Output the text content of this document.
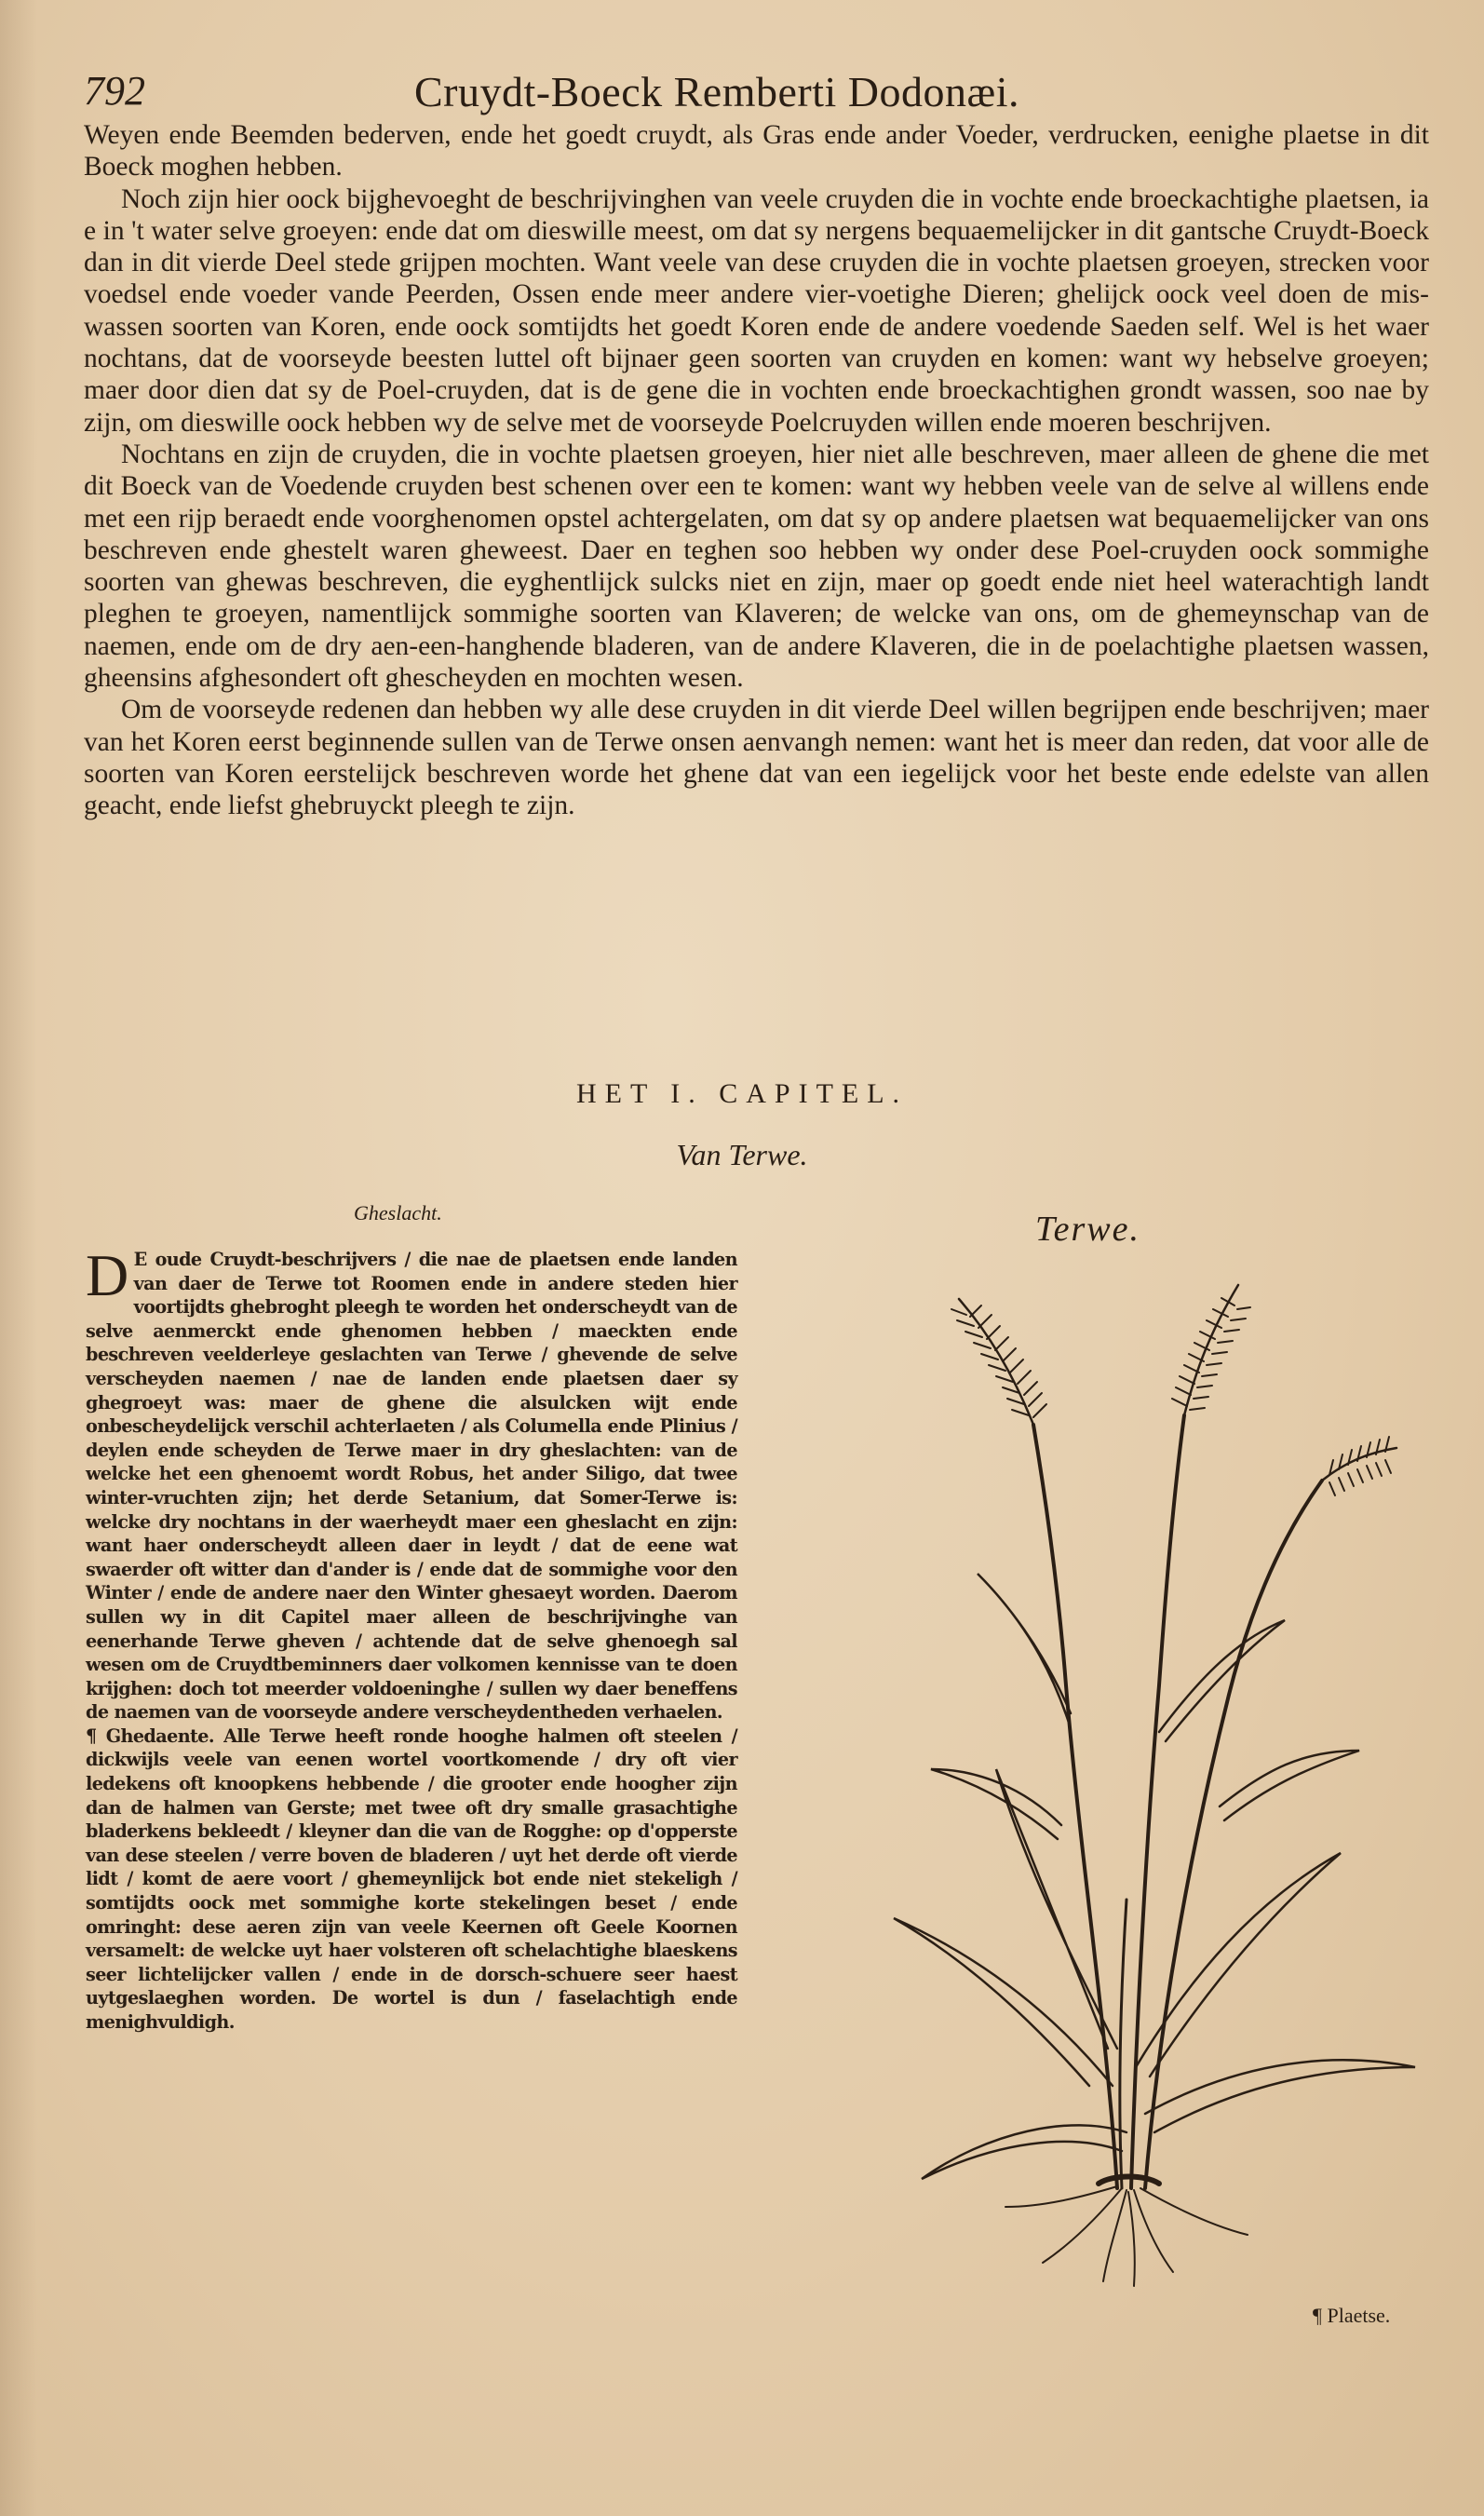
792	Cruydt-Boeck Remberti Dodonæi.

Weyen ende Beemden bederven, ende het goedt cruydt, als Gras ende ander Voeder, verdrucken, eenighe plaetse in dit Boeck moghen hebben.

Noch zijn hier oock bijghevoeght de beschrijvinghen van veele cruyden die in vochte ende broeckachtighe plaetsen, ia e in 't water selve groeyen: ende dat om dieswille meest, om dat sy nergens bequaemelijcker in dit gantsche Cruydt-Boeck dan in dit vierde Deel stede grijpen mochten. Want veele van dese cruyden die in vochte plaetsen groeyen, strecken voor voedsel ende voeder vande Peerden, Ossen ende meer andere vier-voetighe Dieren; ghelijck oock veel doen de mis-wassen soorten van Koren, ende oock somtijdts het goedt Koren ende de andere voedende Saeden self. Wel is het waer nochtans, dat de voorseyde beesten luttel oft bijnaer geen soorten van cruyden en komen: want wy hebselve groeyen; maer door dien dat sy de Poel-cruyden, dat is de gene die in vochten ende broeckachtighen grondt wassen, soo nae by zijn, om dieswille oock hebben wy de selve met de voorseyde Poelcruyden willen ende moeren beschrijven.

Nochtans en zijn de cruyden, die in vochte plaetsen groeyen, hier niet alle beschreven, maer alleen de ghene die met dit Boeck van de Voedende cruyden best schenen over een te komen: want wy hebben veele van de selve al willens ende met een rijp beraedt ende voorghenomen opstel achtergelaten, om dat sy op andere plaetsen wat bequaemelijcker van ons beschreven ende ghestelt waren gheweest. Daer en teghen soo hebben wy onder dese Poel-cruyden oock sommighe soorten van ghewas beschreven, die eyghentlijck sulcks niet en zijn, maer op goedt ende niet heel waterachtigh landt pleghen te groeyen, namentlijck sommighe soorten van Klaveren; de welcke van ons, om de ghemeynschap van de naemen, ende om de dry aen-een-hanghende bladeren, van de andere Klaveren, die in de poelachtighe plaetsen wassen, gheensins afghesondert oft ghescheyden en mochten wesen.

Om de voorseyde redenen dan hebben wy alle dese cruyden in dit vierde Deel willen begrijpen ende beschrijven; maer van het Koren eerst beginnende sullen van de Terwe onsen aenvangh nemen: want het is meer dan reden, dat voor alle de soorten van Koren eerstelijck beschreven worde het ghene dat van een iegelijck voor het beste ende edelste van allen geacht, ende liefst ghebruyckt pleegh te zijn.

HET I. CAPITEL.
Van Terwe.
Gheslacht.

D E oude Cruydt-beschrijvers / die nae de plaetsen ende landen van daer de Terwe tot Roomen ende in andere steden hier voortijdts ghebroght pleegh te worden het onderscheydt van de selve aenmerckt ende ghenomen hebben / maeckten ende beschreven veelderleye geslachten van Terwe / ghevende de selve verscheyden naemen / nae de landen ende plaetsen daer sy ghegroeyt was: maer de ghene die alsulcken wijt ende onbescheydelijck verschil achterlaeten / als Columella ende Plinius / deylen ende scheyden de Terwe maer in dry gheslachten: van de welcke het een ghenoemt wordt Robus, het ander Siligo, dat twee winter-vruchten zijn; het derde Setanium, dat Somer-Terwe is: welcke dry nochtans in der waerheydt maer een gheslacht en zijn: want haer onderscheydt alleen daer in leydt / dat de eene wat swaerder oft witter dan d'ander is / ende dat de sommighe voor den Winter / ende de andere naer den Winter ghesaeyt worden. Daerom sullen wy in dit Capitel maer alleen de beschrijvinghe van eenerhande Terwe gheven / achtende dat de selve ghenoegh sal wesen om de Cruydtbeminners daer volkomen kennisse van te doen krijghen: doch tot meerder voldoeninghe / sullen wy daer beneffens de naemen van de voorseyde andere verscheydentheden verhaelen.

¶ Ghedaente. Alle Terwe heeft ronde hooghe halmen oft steelen / dickwijls veele van eenen wortel voortkomende / dry oft vier ledekens oft knoopkens hebbende / die grooter ende hoogher zijn dan de halmen van Gerste; met twee oft dry smalle grasachtighe bladerkens bekleedt / kleyner dan die van de Rogghe: op d'opperste van dese steelen / verre boven de bladeren / uyt het derde oft vierde lidt / komt de aere voort / ghemeynlijck bot ende niet stekeligh / somtijdts oock met sommighe korte stekelingen beset / ende omringht: dese aeren zijn van veele Keernen oft Geele Koornen versamelt: de welcke uyt haer volsteren oft schelachtighe blaeskens seer lichtelijcker vallen / ende in de dorsch-schuere seer haest uytgeslaeghen worden. De wortel is dun / faselachtigh ende menighvuldigh.

Terwe.
¶ Plaetse.
